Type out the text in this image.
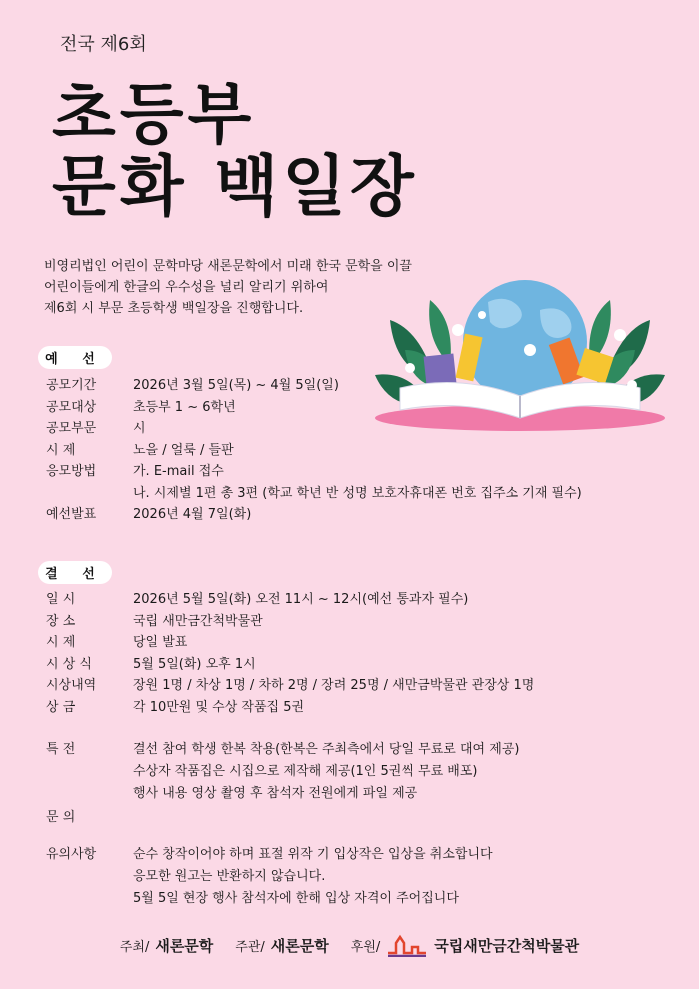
전국 제6회
초등부
문화 백일장
비영리법인 어린이 문학마당 새론문학에서 미래 한국 문학을 이끌
어린이들에게 한글의 우수성을 널리 알리기 위하여
제6회 시 부문 초등학생 백일장을 진행합니다.
예 선
공모기간	2026년 3월 5일(목) ~ 4월 5일(일)
공모대상	초등부 1 ~ 6학년
공모부문	시
시 제	노을 / 얼룩 / 들판
응모방법	가. E-mail 접수
나. 시제별 1편 총 3편 (학교 학년 반 성명 보호자휴대폰 번호 집주소 기재 필수)
예선발표	2026년 4월 7일(화)
결 선
일 시	2026년 5월 5일(화) 오전 11시 ~ 12시(예선 통과자 필수)
장 소	국립 새만금간척박물관
시 제	당일 발표
시 상 식	5월 5일(화) 오후 1시
시상내역	장원 1명 / 차상 1명 / 차하 2명 / 장려 25명 / 새만금박물관 관장상 1명
상 금	각 10만원 및 수상 작품집 5권
특 전	결선 참여 학생 한복 착용(한복은 주최측에서 당일 무료로 대여 제공)
수상자 작품집은 시집으로 제작해 제공(1인 5권씩 무료 배포)
행사 내용 영상 촬영 후 참석자 전원에게 파일 제공
문 의
유의사항	순수 창작이어야 하며 표절 위작 기 입상작은 입상을 취소합니다
응모한 원고는 반환하지 않습니다.
5월 5일 현장 행사 참석자에 한해 입상 자격이 주어집니다
주최/ 새론문학 주관/ 새론문학 후원/	국립새만금간척박물관
